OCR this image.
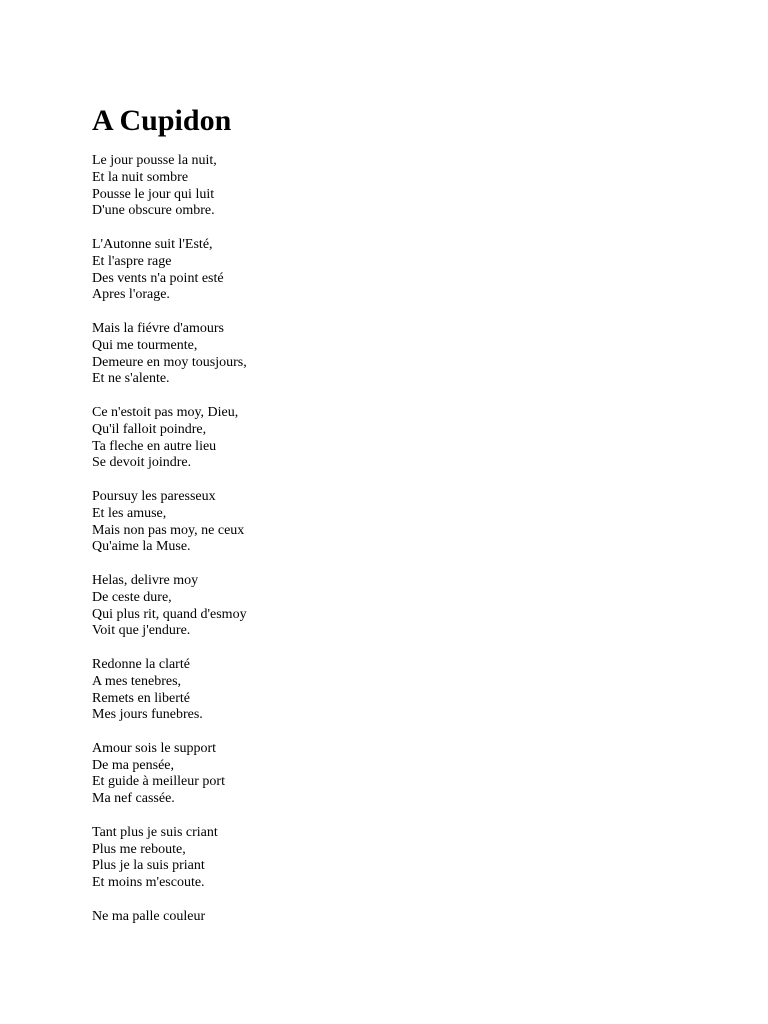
A Cupidon
Le jour pousse la nuit,
Et la nuit sombre
Pousse le jour qui luit
D'une obscure ombre.
L'Autonne suit l'Esté,
Et l'aspre rage
Des vents n'a point esté
Apres l'orage.
Mais la fiévre d'amours
Qui me tourmente,
Demeure en moy tousjours,
Et ne s'alente.
Ce n'estoit pas moy, Dieu,
Qu'il falloit poindre,
Ta fleche en autre lieu
Se devoit joindre.
Poursuy les paresseux
Et les amuse,
Mais non pas moy, ne ceux
Qu'aime la Muse.
Helas, delivre moy
De ceste dure,
Qui plus rit, quand d'esmoy
Voit que j'endure.
Redonne la clarté
A mes tenebres,
Remets en liberté
Mes jours funebres.
Amour sois le support
De ma pensée,
Et guide à meilleur port
Ma nef cassée.
Tant plus je suis criant
Plus me reboute,
Plus je la suis priant
Et moins m'escoute.
Ne ma palle couleur
